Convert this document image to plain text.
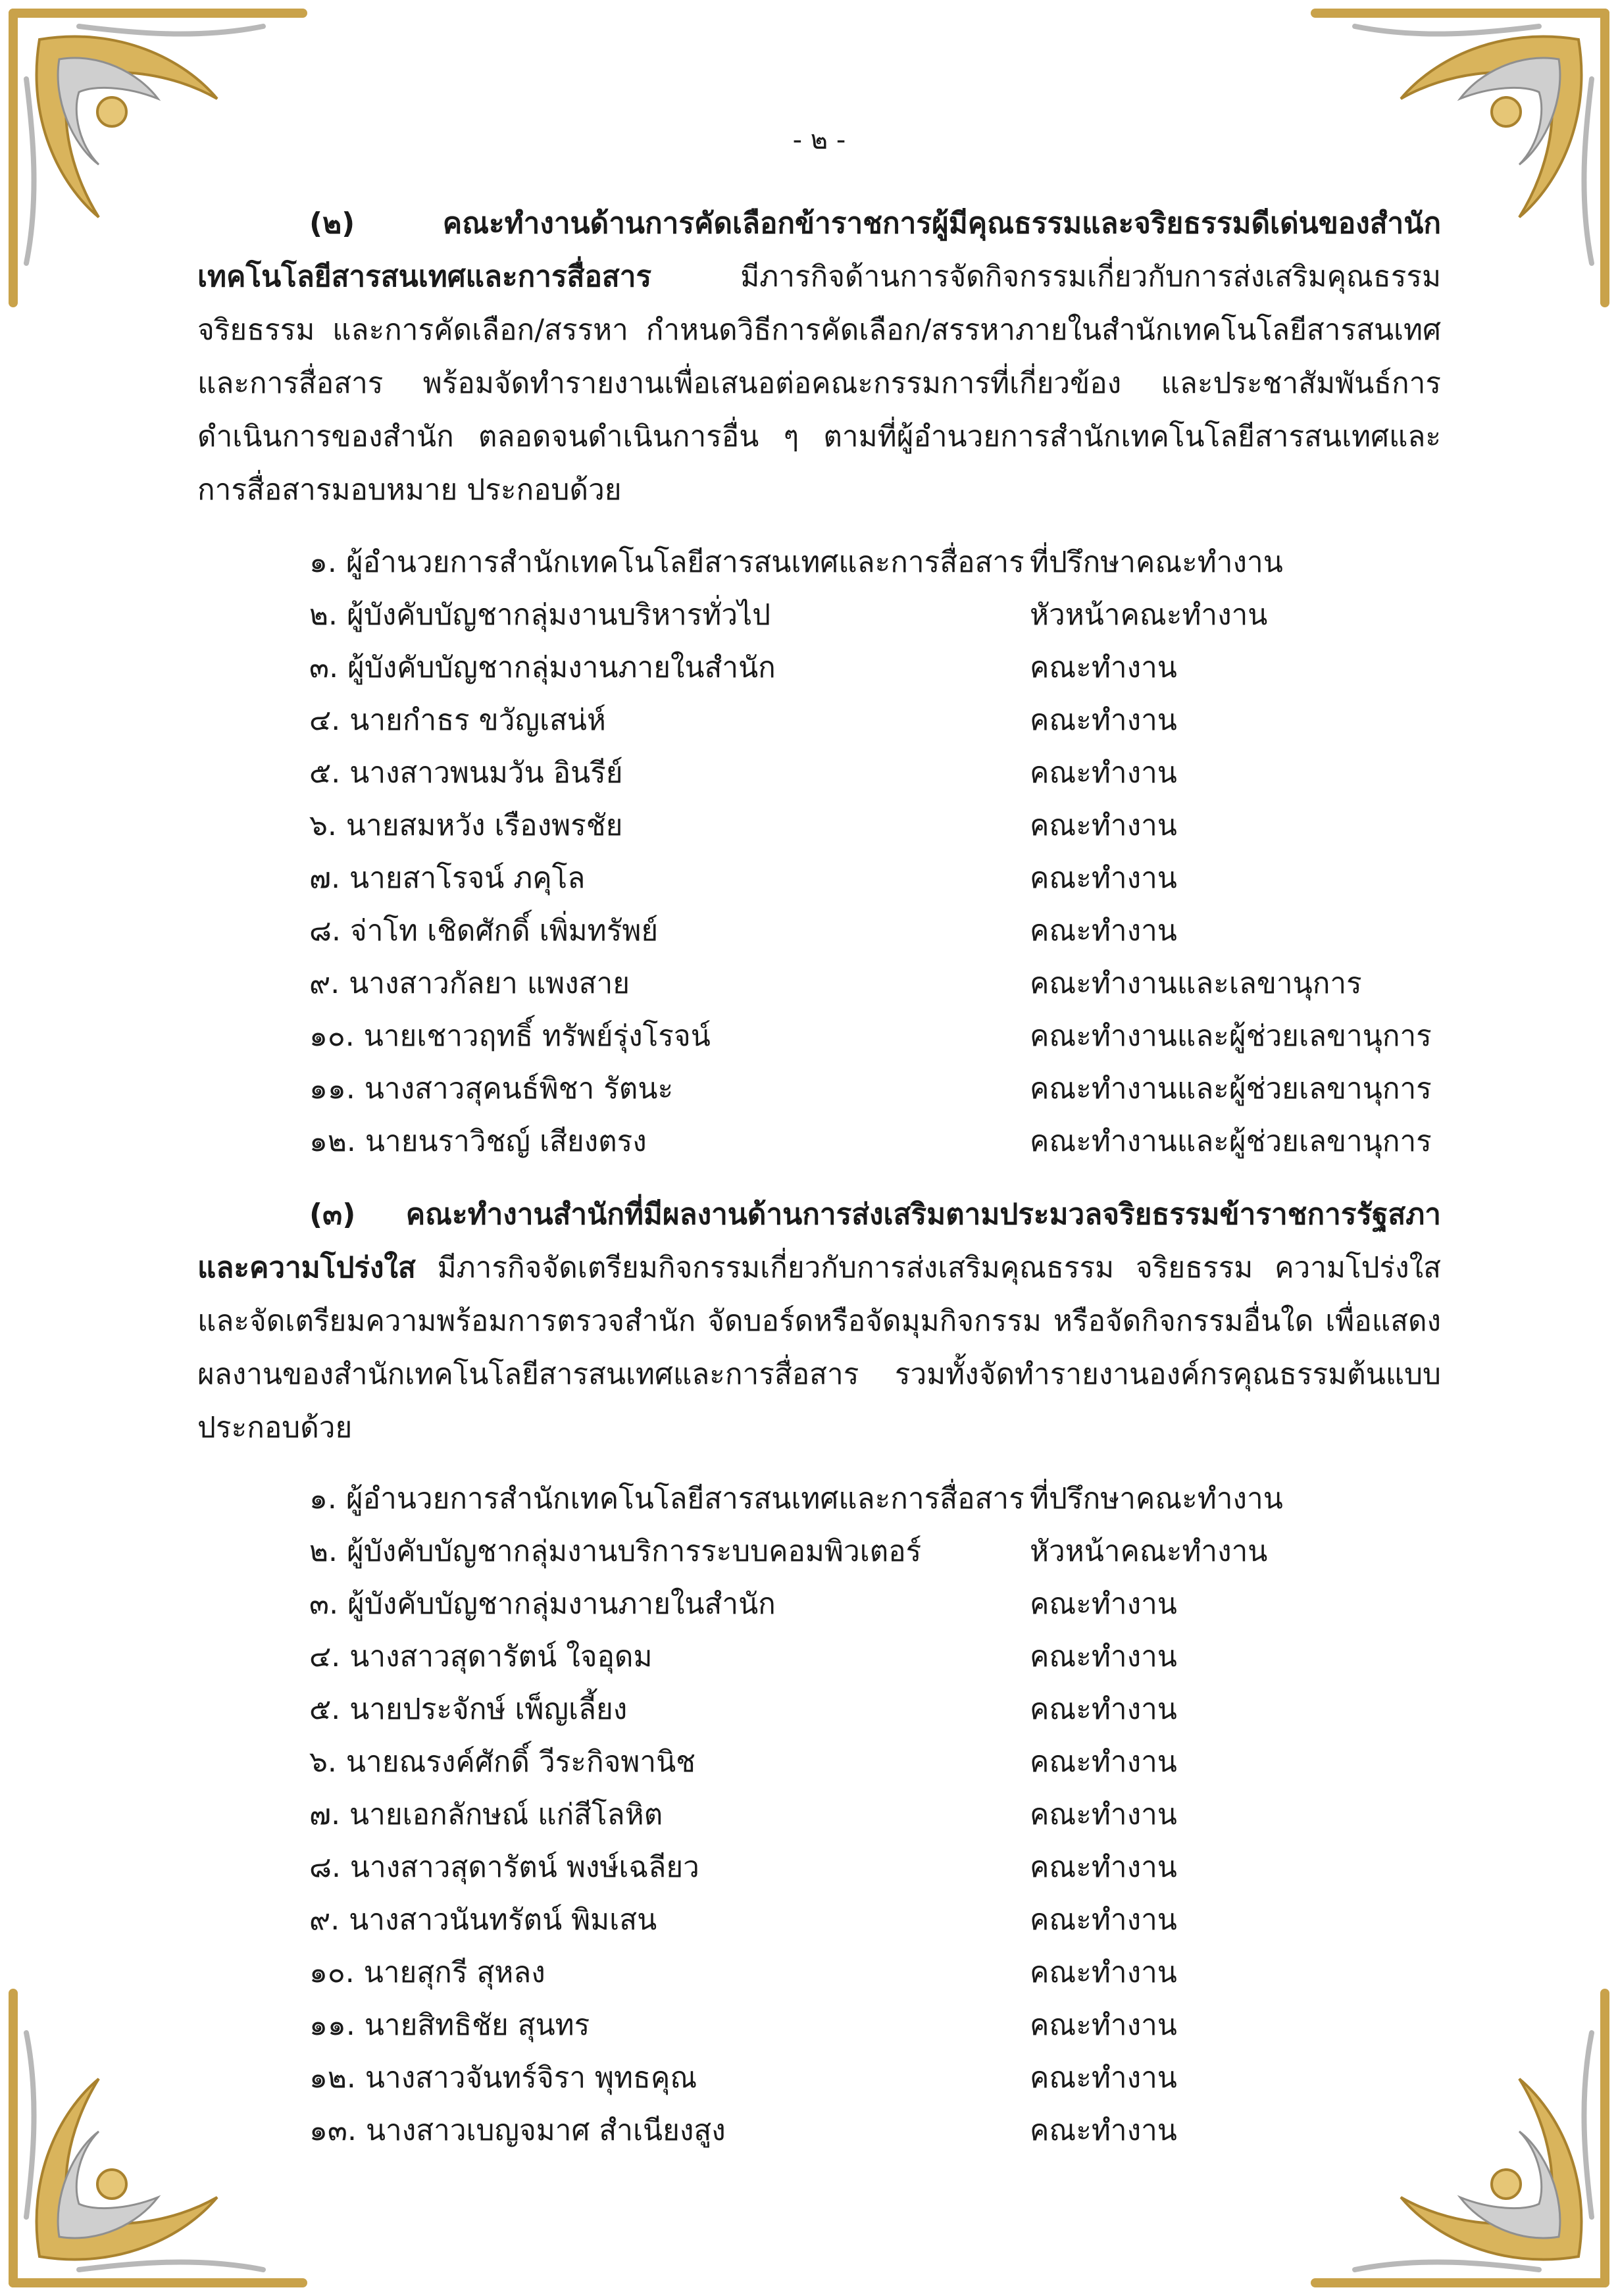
- ๒ -

(๒) คณะทำงานด้านการคัดเลือกข้าราชการผู้มีคุณธรรมและจริยธรรมดีเด่นของสำนักเทคโนโลยีสารสนเทศและการสื่อสาร	มีภารกิจด้านการจัดกิจกรรมเกี่ยวกับการส่งเสริมคุณธรรม จริยธรรม และการคัดเลือก/สรรหา กำหนดวิธีการคัดเลือก/สรรหาภายในสำนักเทคโนโลยีสารสนเทศและการสื่อสาร พร้อมจัดทำรายงานเพื่อเสนอต่อคณะกรรมการที่เกี่ยวข้อง และประชาสัมพันธ์การดำเนินการของสำนัก ตลอดจนดำเนินการอื่น ๆ ตามที่ผู้อำนวยการสำนักเทคโนโลยีสารสนเทศและการสื่อสารมอบหมาย ประกอบด้วย

๑. ผู้อำนวยการสำนักเทคโนโลยีสารสนเทศและการสื่อสาร ที่ปรึกษาคณะทำงาน
๒. ผู้บังคับบัญชากลุ่มงานบริหารทั่วไป	หัวหน้าคณะทำงาน
๓. ผู้บังคับบัญชากลุ่มงานภายในสำนัก	คณะทำงาน
๔. นายกำธร ขวัญเสน่ห์	คณะทำงาน
๕. นางสาวพนมวัน อินรีย์	คณะทำงาน
๖. นายสมหวัง เรืองพรชัย	คณะทำงาน
๗. นายสาโรจน์ ภคุโล	คณะทำงาน
๘. จ่าโท เชิดศักดิ์ เพิ่มทรัพย์	คณะทำงาน
๙. นางสาวกัลยา แพงสาย	คณะทำงานและเลขานุการ
๑๐. นายเชาวฤทธิ์ ทรัพย์รุ่งโรจน์	คณะทำงานและผู้ช่วยเลขานุการ
๑๑. นางสาวสุคนธ์พิชา รัตนะ	คณะทำงานและผู้ช่วยเลขานุการ
๑๒. นายนราวิชญ์ เสียงตรง	คณะทำงานและผู้ช่วยเลขานุการ

(๓) คณะทำงานสำนักที่มีผลงานด้านการส่งเสริมตามประมวลจริยธรรมข้าราชการรัฐสภาและความโปร่งใส มีภารกิจจัดเตรียมกิจกรรมเกี่ยวกับการส่งเสริมคุณธรรม จริยธรรม ความโปร่งใส และจัดเตรียมความพร้อมการตรวจสำนัก จัดบอร์ดหรือจัดมุมกิจกรรม หรือจัดกิจกรรมอื่นใด เพื่อแสดงผลงานของสำนักเทคโนโลยีสารสนเทศและการสื่อสาร รวมทั้งจัดทำรายงานองค์กรคุณธรรมต้นแบบ ประกอบด้วย

๑. ผู้อำนวยการสำนักเทคโนโลยีสารสนเทศและการสื่อสาร ที่ปรึกษาคณะทำงาน
๒. ผู้บังคับบัญชากลุ่มงานบริการระบบคอมพิวเตอร์	หัวหน้าคณะทำงาน
๓. ผู้บังคับบัญชากลุ่มงานภายในสำนัก	คณะทำงาน
๔. นางสาวสุดารัตน์ ใจอุดม	คณะทำงาน
๕. นายประจักษ์ เพ็ญเลี้ยง	คณะทำงาน
๖. นายณรงค์ศักดิ์ วีระกิจพานิช	คณะทำงาน
๗. นายเอกลักษณ์ แก่สีโลหิต	คณะทำงาน
๘. นางสาวสุดารัตน์ พงษ์เฉลียว	คณะทำงาน
๙. นางสาวนันทรัตน์ พิมเสน	คณะทำงาน
๑๐. นายสุกรี สุหลง	คณะทำงาน
๑๑. นายสิทธิชัย สุนทร	คณะทำงาน
๑๒. นางสาวจันทร์จิรา พุทธคุณ	คณะทำงาน
๑๓. นางสาวเบญจมาศ สำเนียงสูง	คณะทำงาน
